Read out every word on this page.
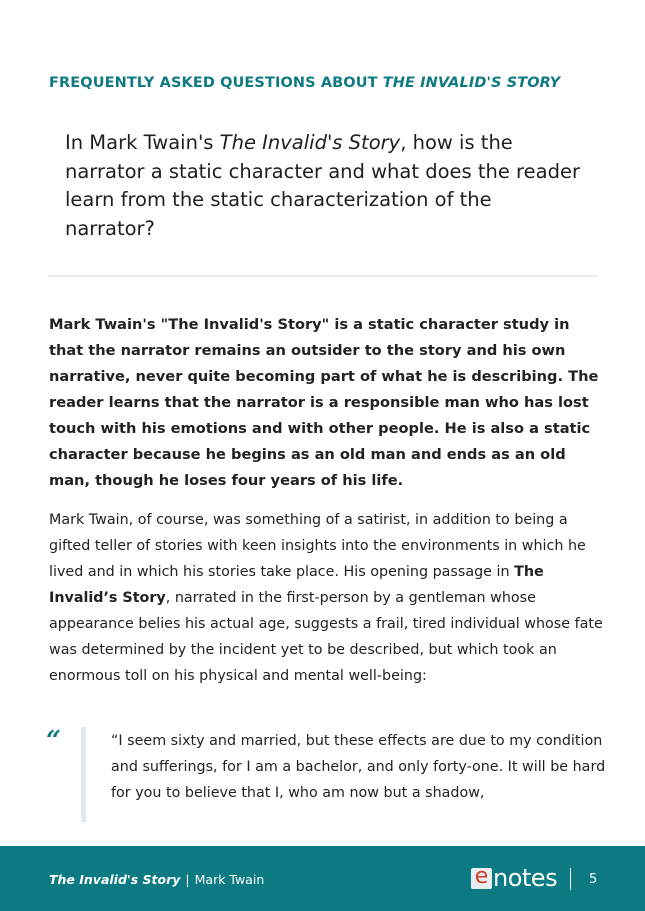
FREQUENTLY ASKED QUESTIONS ABOUT THE INVALID'S STORY
In Mark Twain's The Invalid's Story, how is the narrator a static character and what does the reader learn from the static characterization of the narrator?
Mark Twain's "The Invalid's Story" is a static character study in that the narrator remains an outsider to the story and his own narrative, never quite becoming part of what he is describing. The reader learns that the narrator is a responsible man who has lost touch with his emotions and with other people. He is also a static character because he begins as an old man and ends as an old man, though he loses four years of his life.
Mark Twain, of course, was something of a satirist, in addition to being a gifted teller of stories with keen insights into the environments in which he lived and in which his stories take place. His opening passage in The Invalid’s Story, narrated in the first-person by a gentleman whose appearance belies his actual age, suggests a frail, tired individual whose fate was determined by the incident yet to be described, but which took an enormous toll on his physical and mental well-being:
“	“I seem sixty and married, but these effects are due to my condition and sufferings, for I am a bachelor, and only forty-one. It will be hard for you to believe that I, who am now but a shadow,
The Invalid's Story | Mark Twain	e notes 5
